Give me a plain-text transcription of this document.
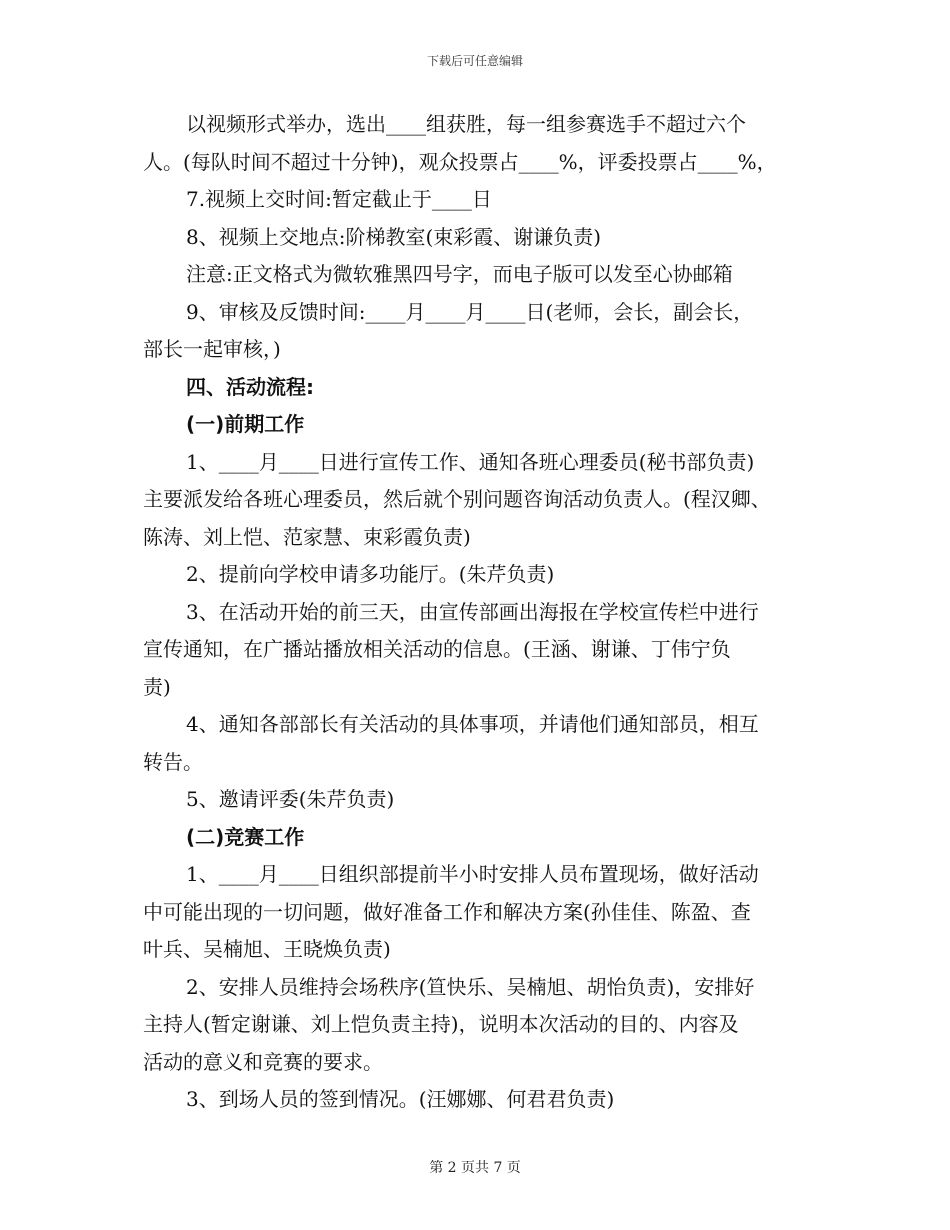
下载后可任意编辑
以视频形式举办，选出____组获胜，每一组参赛选手不超过六个
人。(每队时间不超过十分钟)，观众投票占____%，评委投票占____%，
7.视频上交时间:暂定截止于____日
8、视频上交地点:阶梯教室(束彩霞、谢谦负责)
注意:正文格式为微软雅黑四号字，而电子版可以发至心协邮箱
9、审核及反馈时间:____月____月____日(老师，会长，副会长，
部长一起审核，)
四、活动流程:
(一)前期工作
1、____月____日进行宣传工作、通知各班心理委员(秘书部负责)
主要派发给各班心理委员，然后就个别问题咨询活动负责人。(程汉卿、
陈涛、刘上恺、范家慧、束彩霞负责)
2、提前向学校申请多功能厅。(朱芹负责)
3、在活动开始的前三天，由宣传部画出海报在学校宣传栏中进行
宣传通知，在广播站播放相关活动的信息。(王涵、谢谦、丁伟宁负
责)
4、通知各部部长有关活动的具体事项，并请他们通知部员，相互
转告。
5、邀请评委(朱芹负责)
(二)竞赛工作
1、____月____日组织部提前半小时安排人员布置现场，做好活动
中可能出现的一切问题，做好准备工作和解决方案(孙佳佳、陈盈、查
叶兵、吴楠旭、王晓焕负责)
2、安排人员维持会场秩序(笪快乐、吴楠旭、胡怡负责)，安排好
主持人(暂定谢谦、刘上恺负责主持)，说明本次活动的目的、内容及
活动的意义和竞赛的要求。
3、到场人员的签到情况。(汪娜娜、何君君负责)
第 2 页共 7 页
